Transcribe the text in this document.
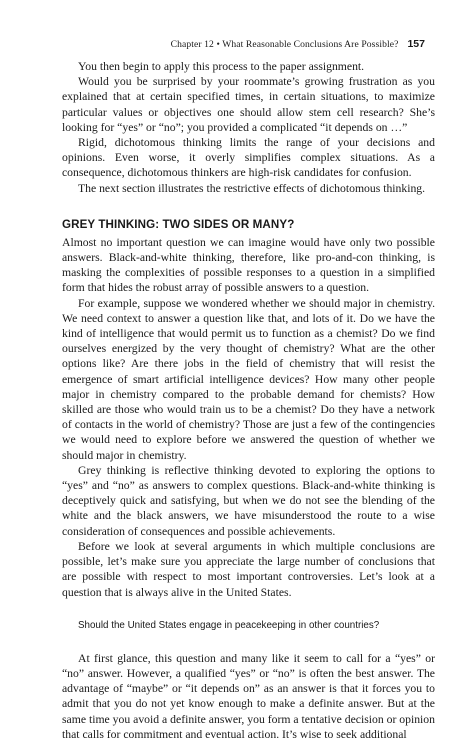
Chapter 12 • What Reasonable Conclusions Are Possible? 157

You then begin to apply this process to the paper assignment.

Would you be surprised by your roommate’s growing frustration as you explained that at certain specified times, in certain situations, to maximize particular values or objectives one should allow stem cell research? She’s looking for “yes” or “no”; you provided a complicated “it depends on …”

Rigid, dichotomous thinking limits the range of your decisions and opinions. Even worse, it overly simplifies complex situations. As a consequence, dichotomous thinkers are high-risk candidates for confusion.

The next section illustrates the restrictive effects of dichotomous thinking.

GREY THINKING: TWO SIDES OR MANY?

Almost no important question we can imagine would have only two possible answers. Black-and-white thinking, therefore, like pro-and-con thinking, is masking the complexities of possible responses to a question in a simplified form that hides the robust array of possible answers to a question.

For example, suppose we wondered whether we should major in chemistry. We need context to answer a question like that, and lots of it. Do we have the kind of intelligence that would permit us to function as a chemist? Do we find ourselves energized by the very thought of chemistry? What are the other options like? Are there jobs in the field of chemistry that will resist the emergence of smart artificial intelligence devices? How many other people major in chemistry compared to the probable demand for chemists? How skilled are those who would train us to be a chemist? Do they have a network of contacts in the world of chemistry? Those are just a few of the contingencies we would need to explore before we answered the question of whether we should major in chemistry.

Grey thinking is reflective thinking devoted to exploring the options to “yes” and “no” as answers to complex questions. Black-and-white thinking is deceptively quick and satisfying, but when we do not see the blending of the white and the black answers, we have misunderstood the route to a wise consideration of consequences and possible achievements.

Before we look at several arguments in which multiple conclusions are possible, let’s make sure you appreciate the large number of conclusions that are possible with respect to most important controversies. Let’s look at a question that is always alive in the United States.

Should the United States engage in peacekeeping in other countries?

At first glance, this question and many like it seem to call for a “yes” or “no” answer. However, a qualified “yes” or “no” is often the best answer. The advantage of “maybe” or “it depends on” as an answer is that it forces you to admit that you do not yet know enough to make a definite answer. But at the same time you avoid a definite answer, you form a tentative decision or opinion that calls for commitment and eventual action. It’s wise to seek additional
